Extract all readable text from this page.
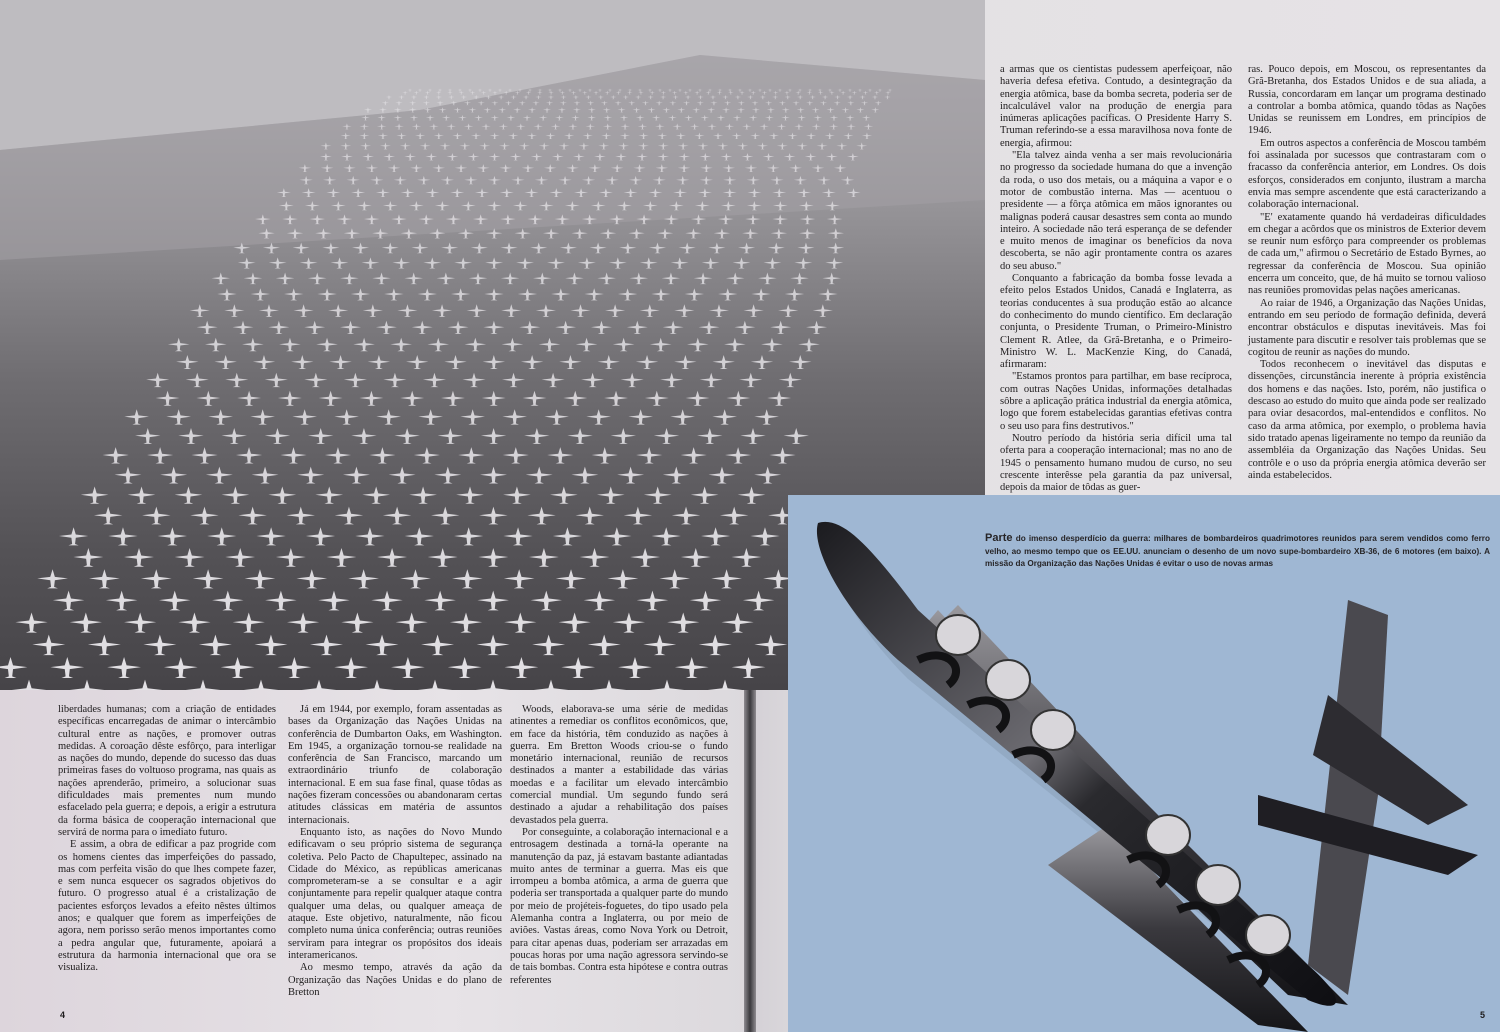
a armas que os cientistas pudessem aperfeiçoar, não haveria defesa efetiva. Contudo, a desintegração da energia atômica, base da bomba secreta, poderia ser de incalculável valor na produção de energia para inúmeras aplicações pacíficas. O Presidente Harry S. Truman referindo-se a essa maravilhosa nova fonte de energia, afirmou:

"Ela talvez ainda venha a ser mais revolucionária no progresso da sociedade humana do que a invenção da roda, o uso dos metais, ou a máquina a vapor e o motor de combustão interna. Mas — acentuou o presidente — a fôrça atômica em mãos ignorantes ou malignas poderá causar desastres sem conta ao mundo inteiro. A sociedade não terá esperança de se defender e muito menos de imaginar os benefícios da nova descoberta, se não agir prontamente contra os azares do seu abuso."

Conquanto a fabricação da bomba fosse levada a efeito pelos Estados Unidos, Canadá e Inglaterra, as teorias conducentes à sua produção estão ao alcance do conhecimento do mundo científico. Em declaração conjunta, o Presidente Truman, o Primeiro-Ministro Clement R. Atlee, da Grã-Bretanha, e o Primeiro-Ministro W. L. MacKenzie King, do Canadá, afirmaram:

"Estamos prontos para partilhar, em base recíproca, com outras Nações Unidas, informações detalhadas sôbre a aplicação prática industrial da energia atômica, logo que forem estabelecidas garantias efetivas contra o seu uso para fins destrutivos."

Noutro período da história seria difícil uma tal oferta para a cooperação internacional; mas no ano de 1945 o pensamento humano mudou de curso, no seu crescente interêsse pela garantia da paz universal, depois da maior de tôdas as guer-

ras. Pouco depois, em Moscou, os representantes da Grã-Bretanha, dos Estados Unidos e de sua aliada, a Russia, concordaram em lançar um programa destinado a controlar a bomba atômica, quando tôdas as Nações Unidas se reunissem em Londres, em princípios de 1946.

Em outros aspectos a conferência de Moscou também foi assinalada por sucessos que contrastaram com o fracasso da conferência anterior, em Londres. Os dois esforços, considerados em conjunto, ilustram a marcha envia mas sempre ascendente que está caracterizando a colaboração internacional.

"E' exatamente quando há verdadeiras dificuldades em chegar a acôrdos que os ministros de Exterior devem se reunir num esfôrço para compreender os problemas de cada um," afirmou o Secretário de Estado Byrnes, ao regressar da conferência de Moscou. Sua opinião encerra um conceito, que, de há muito se tornou valioso nas reuniões promovidas pelas nações americanas.

Ao raiar de 1946, a Organização das Nações Unidas, entrando em seu período de formação definida, deverá encontrar obstáculos e disputas inevitáveis. Mas foi justamente para discutir e resolver tais problemas que se cogitou de reunir as nações do mundo.

Todos reconhecem o inevitável das disputas e dissenções, circunstância inerente à própria existência dos homens e das nações. Isto, porém, não justifica o descaso ao estudo do muito que ainda pode ser realizado para oviar desacordos, mal-entendidos e conflitos. No caso da arma atômica, por exemplo, o problema havia sido tratado apenas ligeiramente no tempo da reunião da assembléia da Organização das Nações Unidas. Seu contrôle e o uso da própria energia atômica deverão ser ainda estabelecidos.

Parte do imenso desperdício da guerra: milhares de bombardeiros quadrimotores reunidos para serem vendidos como ferro velho, ao mesmo tempo que os EE.UU. anunciam o desenho de um novo supe-bombardeiro XB-36, de 6 motores (em baixo). A missão da Organização das Nações Unidas é evitar o uso de novas armas

liberdades humanas; com a criação de entidades específicas encarregadas de animar o intercâmbio cultural entre as nações, e promover outras medidas. A coroação dêste esfôrço, para interligar as nações do mundo, depende do sucesso das duas primeiras fases do voltuoso programa, nas quais as nações aprenderão, primeiro, a solucionar suas dificuldades mais prementes num mundo esfacelado pela guerra; e depois, a erigir a estrutura da forma básica de cooperação internacional que servirá de norma para o imediato futuro.

E assim, a obra de edificar a paz progride com os homens cientes das imperfeições do passado, mas com perfeita visão do que lhes compete fazer, e sem nunca esquecer os sagrados objetivos do futuro. O progresso atual é a cristalização de pacientes esforços levados a efeito nêstes últimos anos; e qualquer que forem as imperfeições de agora, nem porisso serão menos importantes como a pedra angular que, futuramente, apoiará a estrutura da harmonia internacional que ora se visualiza.

Já em 1944, por exemplo, foram assentadas as bases da Organização das Nações Unidas na conferência de Dumbarton Oaks, em Washington. Em 1945, a organização tornou-se realidade na conferência de San Francisco, marcando um extraordinário triunfo de colaboração internacional. E em sua fase final, quase tôdas as nações fizeram concessões ou abandonaram certas atitudes clássicas em matéria de assuntos internacionais.

Enquanto isto, as nações do Novo Mundo edificavam o seu próprio sistema de segurança coletiva. Pelo Pacto de Chapultepec, assinado na Cidade do México, as repúblicas americanas comprometeram-se a se consultar e a agir conjuntamente para repelir qualquer ataque contra qualquer uma delas, ou qualquer ameaça de ataque. Este objetivo, naturalmente, não ficou completo numa única conferência; outras reuniões serviram para integrar os propósitos dos ideais interamericanos.

Ao mesmo tempo, através da ação da Organização das Nações Unidas e do plano de Bretton

Woods, elaborava-se uma série de medidas atinentes a remediar os conflitos econômicos, que, em face da história, têm conduzido as nações à guerra. Em Bretton Woods criou-se o fundo monetário internacional, reunião de recursos destinados a manter a estabilidade das várias moedas e a facilitar um elevado intercâmbio comercial mundial. Um segundo fundo será destinado a ajudar a rehabilitação dos países devastados pela guerra.

Por conseguinte, a colaboração internacional e a entrosagem destinada a torná-la operante na manutenção da paz, já estavam bastante adiantadas muito antes de terminar a guerra. Mas eis que irrompeu a bomba atômica, a arma de guerra que poderia ser transportada a qualquer parte do mundo por meio de projéteis-foguetes, do tipo usado pela Alemanha contra a Inglaterra, ou por meio de aviões. Vastas áreas, como Nova York ou Detroit, para citar apenas duas, poderiam ser arrazadas em poucas horas por uma nação agressora servindo-se de tais bombas. Contra esta hipótese e contra outras referentes

4	5
